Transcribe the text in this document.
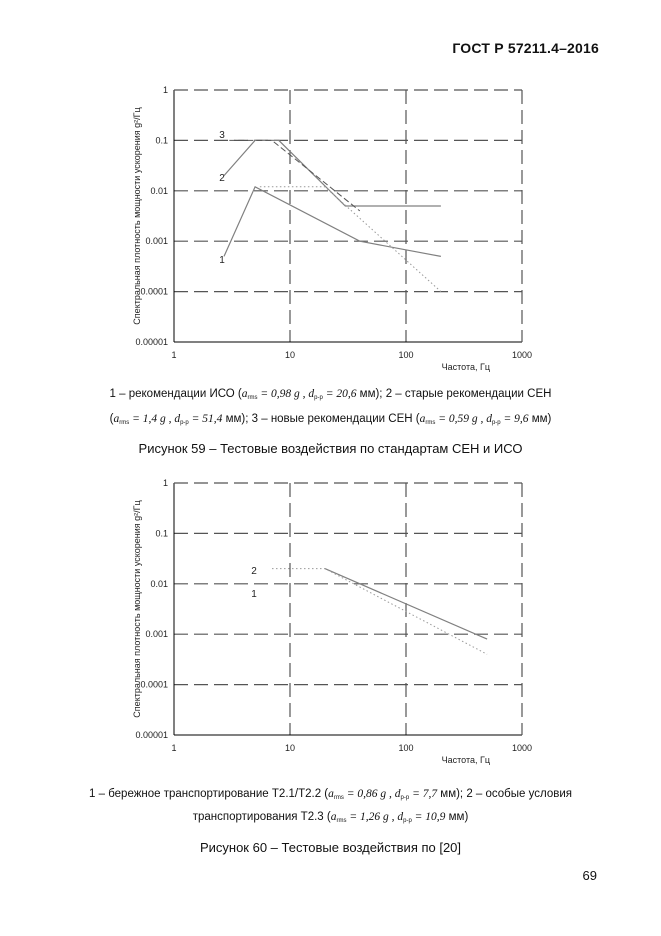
ГОСТ Р 57211.4–2016
0.00001
0.0001
0.001
0.01
0.1
1
1	10	100	1000
Частота, Гц
Спектральная плотность мощности ускорения g²/Гц	1
2
3
1 – рекомендации ИСО ($a_{rms} = 0,98$ g , $d_{p-p} = 20,6$ мм); 2 – старые рекомендации СЕН
($a_{rms} = 1,4$ g , $d_{p-p} = 51,4$ мм); 3 – новые рекомендации СЕН ($a_{rms} = 0,59$ g , $d_{p-p} = 9,6$ мм)
Рисунок 59 – Тестовые воздействия по стандартам СЕН и ИСО
0.00001
0.0001
0.001
0.01
0.1
1
1	10	100	1000
Частота, Гц
Спектральная плотность мощности ускорения g²/Гц	2
1
1 – бережное транспортирование Т2.1/Т2.2 ($a_{rms} = 0,86$ g , $d_{p-p} = 7,7$ мм); 2 – особые условия
транспортирования Т2.3 ($a_{rms} = 1,26$ g , $d_{p-p} = 10,9$ мм)
Рисунок 60 – Тестовые воздействия по [20]
69
